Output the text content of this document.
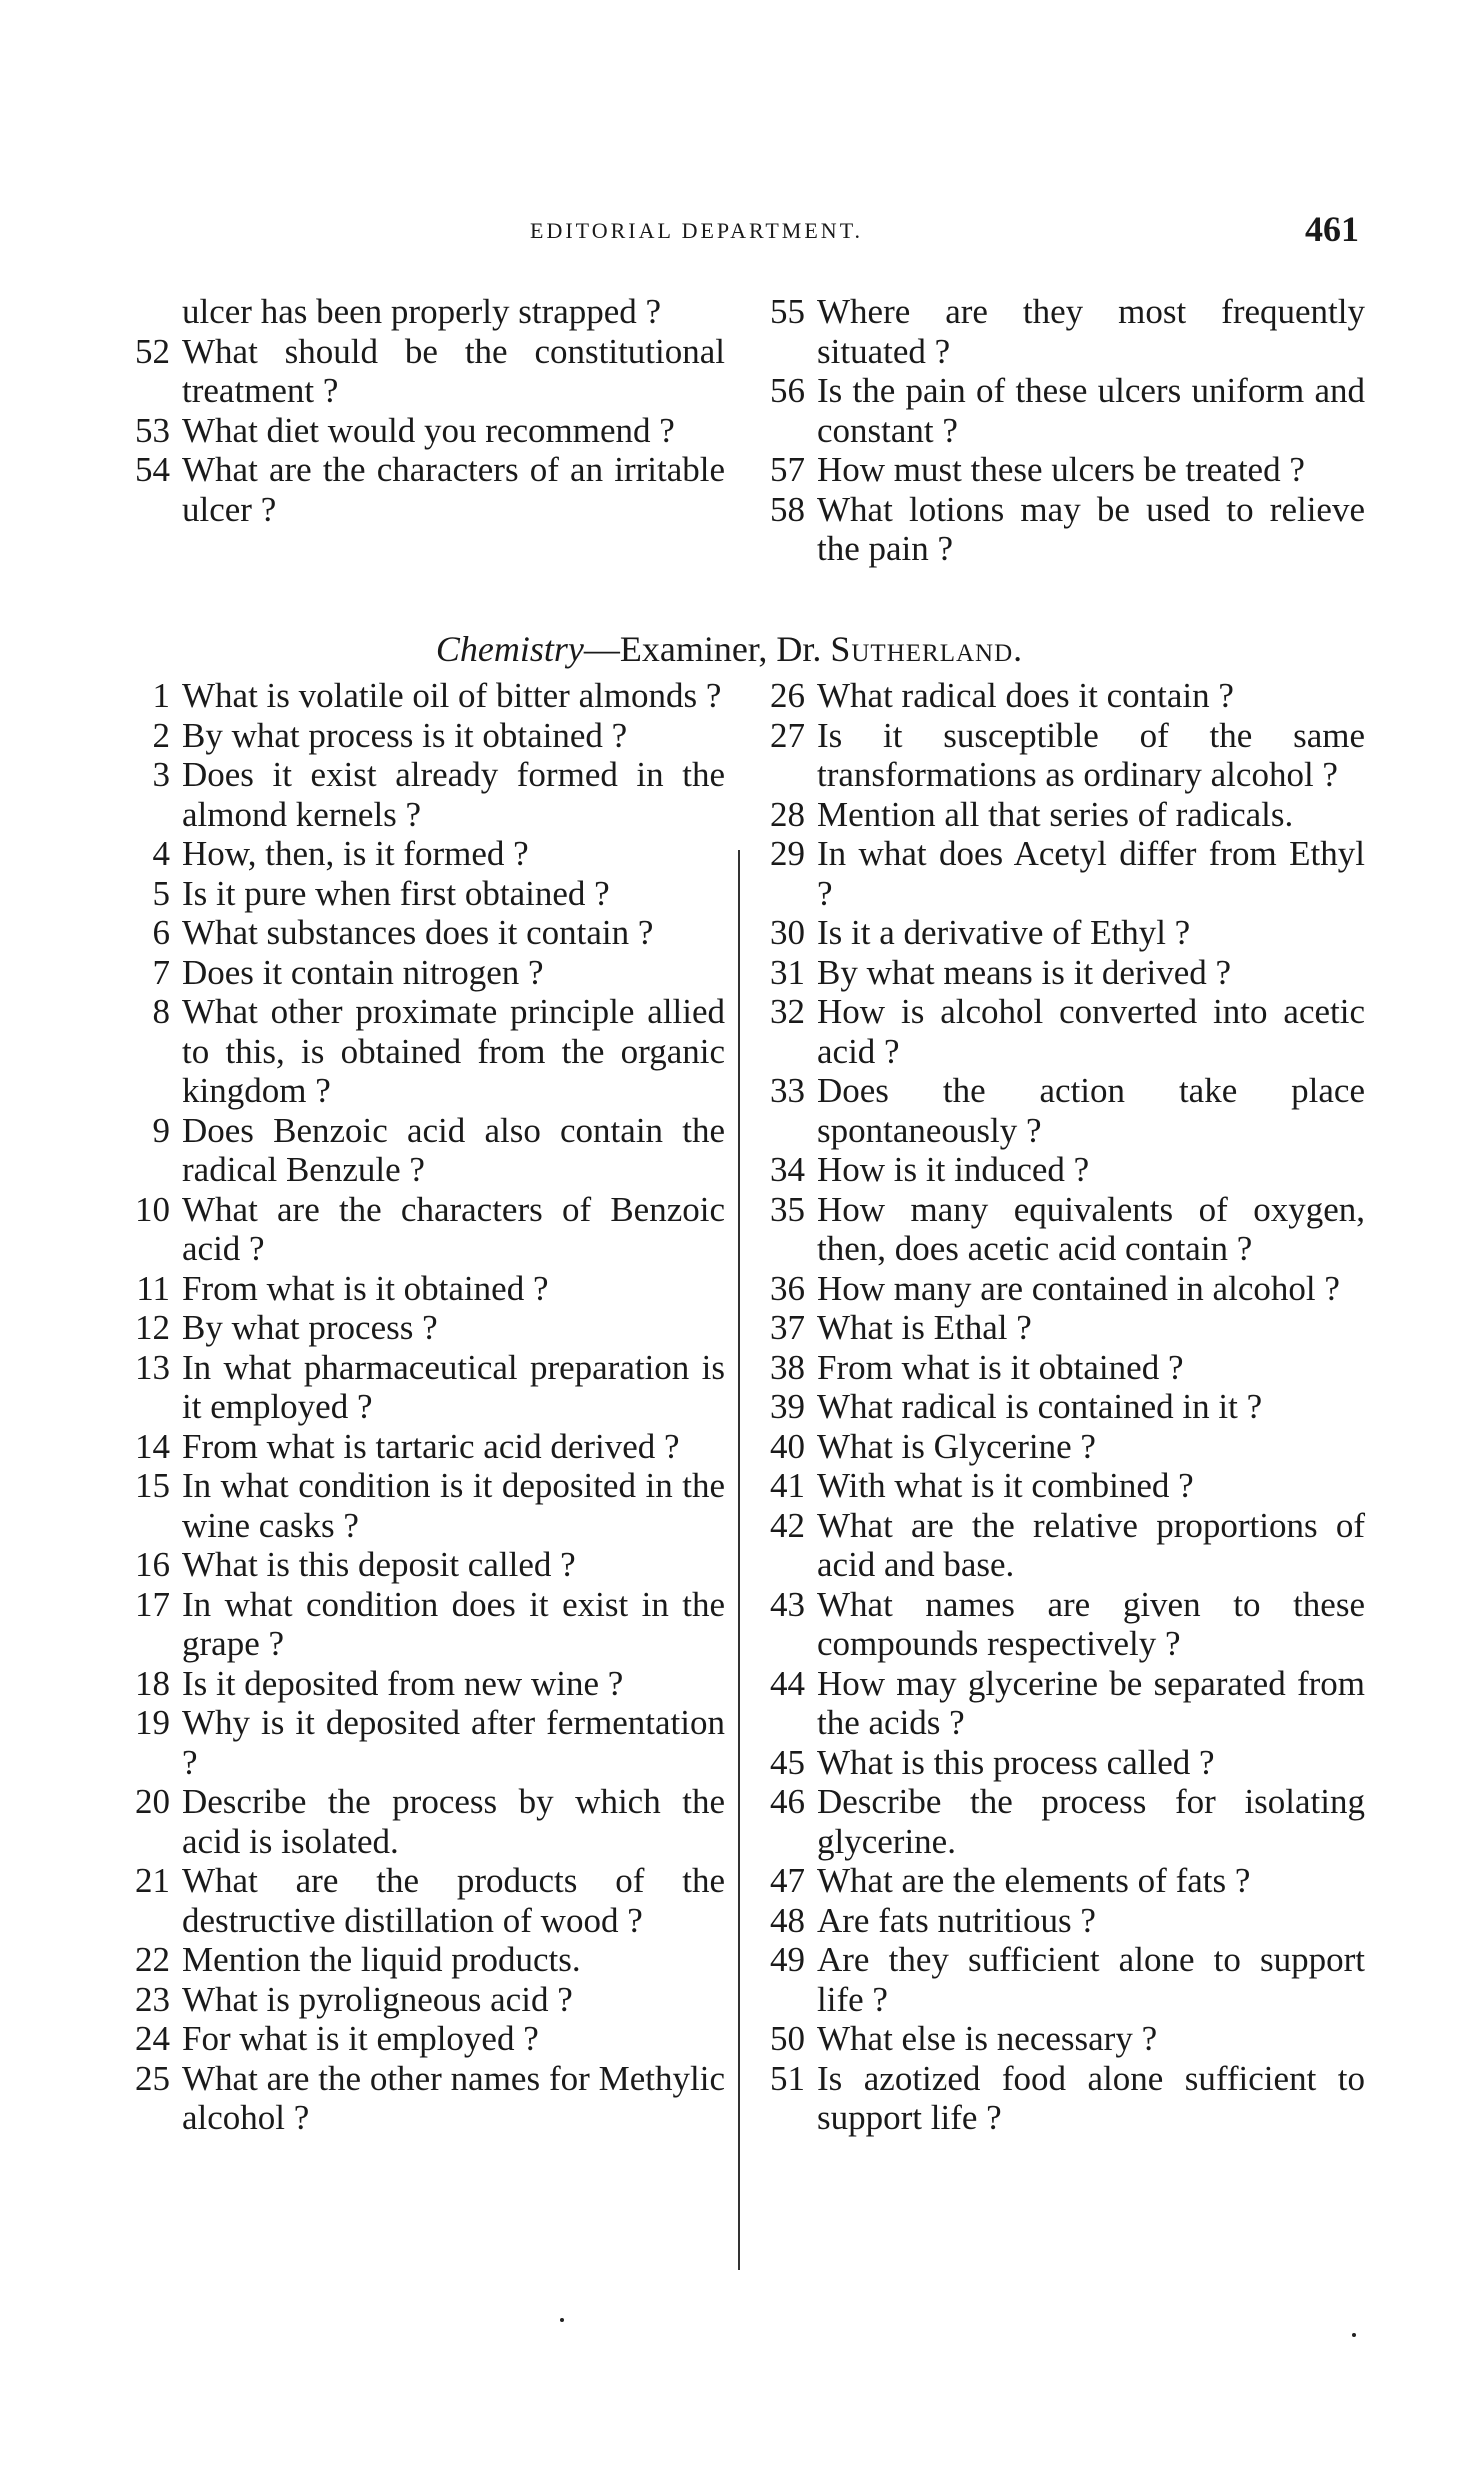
EDITORIAL DEPARTMENT.	461
ulcer has been properly strapped ?
52 What should be the constitutional treatment ?
53 What diet would you recommend ?
54 What are the characters of an irritable ulcer ?
55 Where are they most frequently situated ?
56 Is the pain of these ulcers uniform and constant ?
57 How must these ulcers be treated ?
58 What lotions may be used to relieve the pain ?
Chemistry—Examiner, Dr. Sutherland.
1 What is volatile oil of bitter almonds ?
2 By what process is it obtained ?
3 Does it exist already formed in the almond kernels ?
4 How, then, is it formed ?
5 Is it pure when first obtained ?
6 What substances does it contain ?
7 Does it contain nitrogen ?
8 What other proximate principle allied to this, is obtained from the organic kingdom ?
9 Does Benzoic acid also contain the radical Benzule ?
10 What are the characters of Benzoic acid ?
11 From what is it obtained ?
12 By what process ?
13 In what pharmaceutical preparation is it employed ?
14 From what is tartaric acid derived ?
15 In what condition is it deposited in the wine casks ?
16 What is this deposit called ?
17 In what condition does it exist in the grape ?
18 Is it deposited from new wine ?
19 Why is it deposited after fermentation ?
20 Describe the process by which the acid is isolated.
21 What are the products of the destructive distillation of wood ?
22 Mention the liquid products.
23 What is pyroligneous acid ?
24 For what is it employed ?
25 What are the other names for Methylic alcohol ?
26 What radical does it contain ?
27 Is it susceptible of the same transformations as ordinary alcohol ?
28 Mention all that series of radicals.
29 In what does Acetyl differ from Ethyl ?
30 Is it a derivative of Ethyl ?
31 By what means is it derived ?
32 How is alcohol converted into acetic acid ?
33 Does the action take place spontaneously ?
34 How is it induced ?
35 How many equivalents of oxygen, then, does acetic acid contain ?
36 How many are contained in alcohol ?
37 What is Ethal ?
38 From what is it obtained ?
39 What radical is contained in it ?
40 What is Glycerine ?
41 With what is it combined ?
42 What are the relative proportions of acid and base.
43 What names are given to these compounds respectively ?
44 How may glycerine be separated from the acids ?
45 What is this process called ?
46 Describe the process for isolating glycerine.
47 What are the elements of fats ?
48 Are fats nutritious ?
49 Are they sufficient alone to support life ?
50 What else is necessary ?
51 Is azotized food alone sufficient to support life ?
